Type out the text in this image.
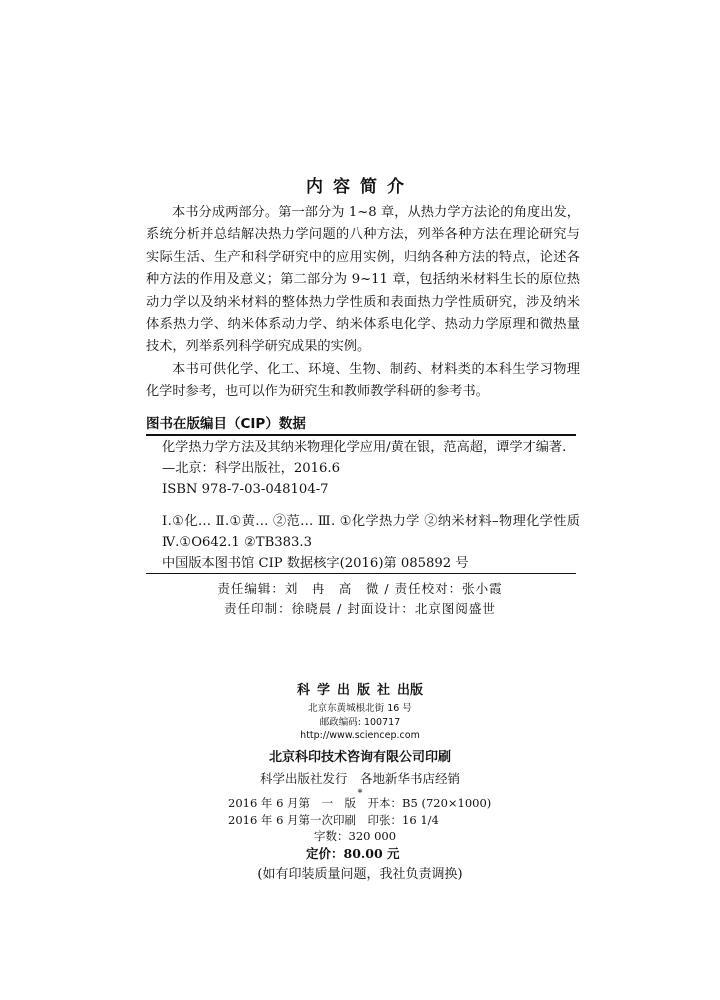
内容简介

本书分成两部分。第一部分为 1~8 章，从热力学方法论的角度出发，系统分析并总结解决热力学问题的八种方法，列举各种方法在理论研究与实际生活、生产和科学研究中的应用实例，归纳各种方法的特点，论述各种方法的作用及意义；第二部分为 9~11 章，包括纳米材料生长的原位热动力学以及纳米材料的整体热力学性质和表面热力学性质研究，涉及纳米体系热力学、纳米体系动力学、纳米体系电化学、热动力学原理和微热量技术，列举系列科学研究成果的实例。

本书可供化学、化工、环境、生物、制药、材料类的本科生学习物理化学时参考，也可以作为研究生和教师教学科研的参考书。

图书在版编目（CIP）数据
化学热力学方法及其纳米物理化学应用/黄在银，范高超，谭学才编著.
—北京：科学出版社，2016.6
ISBN 978-7-03-048104-7
Ⅰ.①化… Ⅱ.①黄… ②范… Ⅲ. ①化学热力学 ②纳米材料–物理化学性质 Ⅳ.①O642.1 ②TB383.3
中国版本图书馆 CIP 数据核字(2016)第 085892 号
责任编辑：刘　冉　高　微 / 责任校对：张小霞
责任印制：徐晓晨 / 封面设计：北京图阅盛世
科学出版社出版
北京东黄城根北街 16 号
邮政编码: 100717
http://www.sciencep.com
北京科印技术咨询有限公司印刷
科学出版社发行　各地新华书店经销
*
2016 年 6 月第　一　版　开本：B5 (720×1000)
2016 年 6 月第一次印刷　印张：16 1/4
字数：320 000
定价：80.00 元
(如有印装质量问题，我社负责调换)
